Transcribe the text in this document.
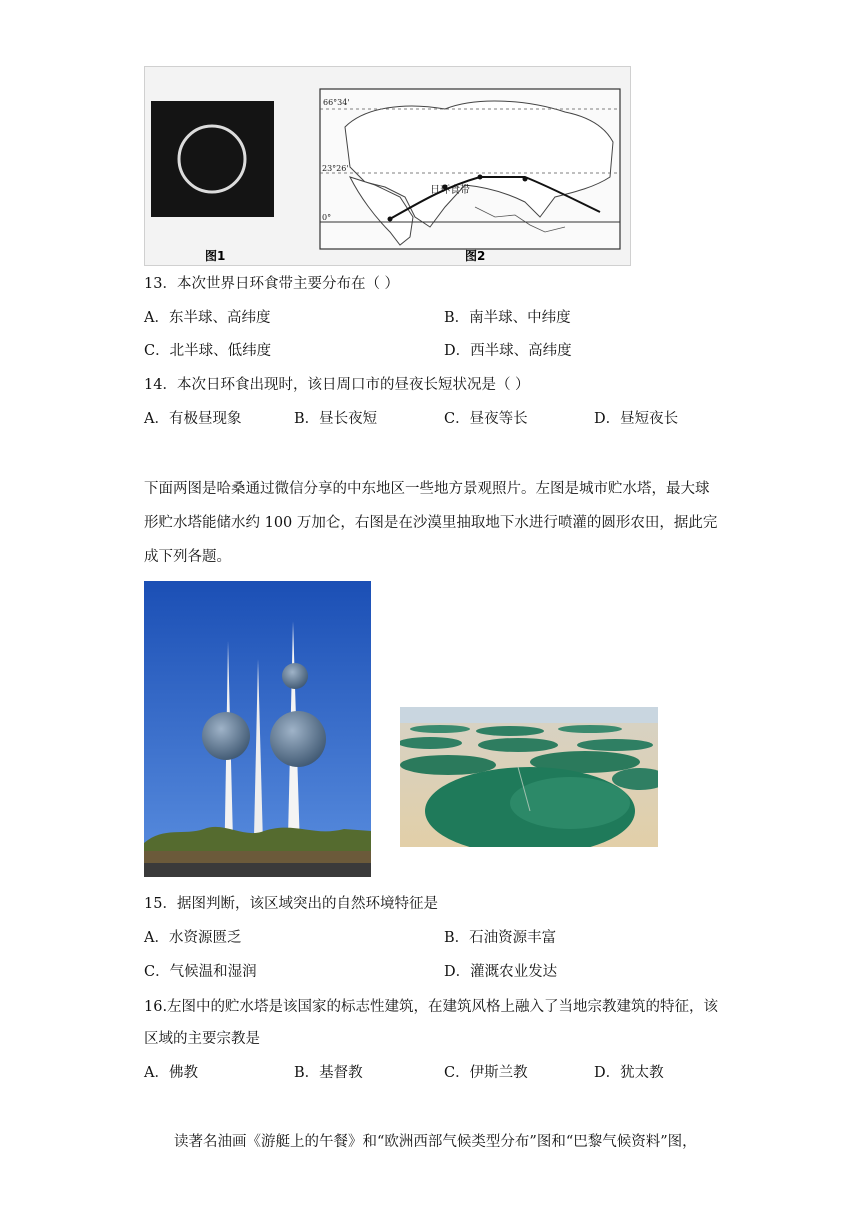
图1
66°34'
23°26'
0°
日环食带
图2
13．本次世界日环食带主要分布在（ ）
A．东半球、高纬度	B．南半球、中纬度
C．北半球、低纬度	D．西半球、高纬度
14．本次日环食出现时，该日周口市的昼夜长短状况是（ ）
A．有极昼现象	B．昼长夜短	C．昼夜等长	D．昼短夜长
下面两图是哈桑通过微信分享的中东地区一些地方景观照片。左图是城市贮水塔，最大球形贮水塔能储水约 100 万加仑，右图是在沙漠里抽取地下水进行喷灌的圆形农田，据此完成下列各题。
15．据图判断，该区域突出的自然环境特征是
A．水资源匮乏	B．石油资源丰富
C．气候温和湿润	D．灌溉农业发达
16.左图中的贮水塔是该国家的标志性建筑，在建筑风格上融入了当地宗教建筑的特征，该区域的主要宗教是
A．佛教	B．基督教	C．伊斯兰教	D．犹太教
读著名油画《游艇上的午餐》和“欧洲西部气候类型分布”图和“巴黎气候资料”图，
